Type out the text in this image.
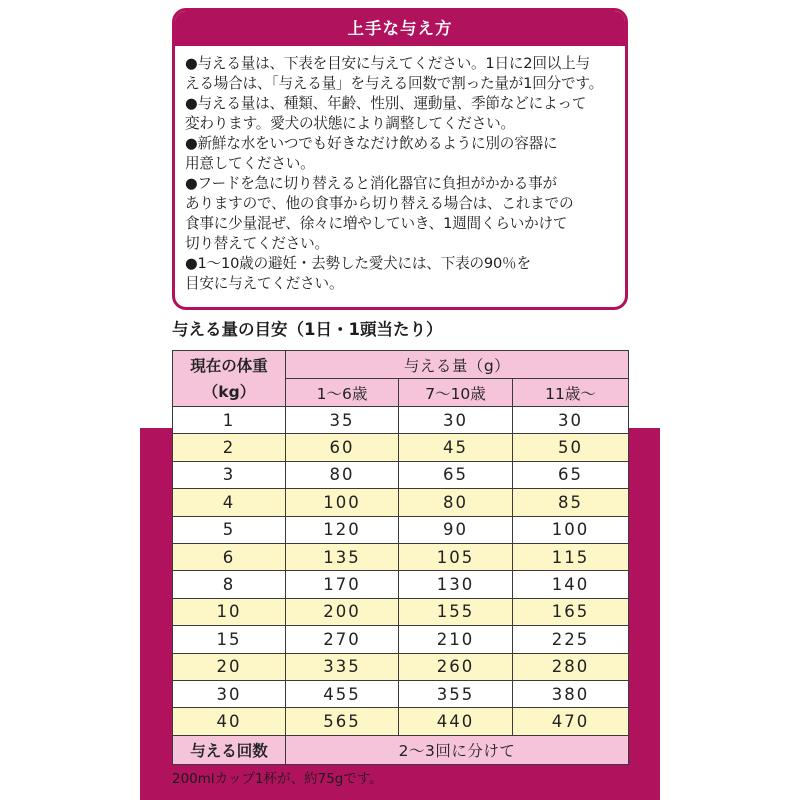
上手な与え方
●与える量は、下表を目安に与えてください。1日に2回以上与
える場合は、「与える量」を与える回数で割った量が1回分です。
●与える量は、種類、年齢、性別、運動量、季節などによって
変わります。愛犬の状態により調整してください。
●新鮮な水をいつでも好きなだけ飲めるように別の容器に
用意してください。
●フードを急に切り替えると消化器官に負担がかかる事が
ありますので、他の食事から切り替える場合は、これまでの
食事に少量混ぜ、徐々に増やしていき、1週間くらいかけて
切り替えてください。
●1～10歳の避妊・去勢した愛犬には、下表の90％を
目安に与えてください。
与える量の目安（1日・1頭当たり）
現在の体重
（kg）	与える量（g）		
	1～6歳	7～10歳	11歳～
1	35	30	30
2	60	45	50
3	80	65	65
4	100	80	85
5	120	90	100
6	135	105	115
8	170	130	140
10	200	155	165
15	270	210	225
20	335	260	280
30	455	355	380
40	565	440	470
与える回数	2～3回に分けて		
200mlカップ1杯が、約75gです。
